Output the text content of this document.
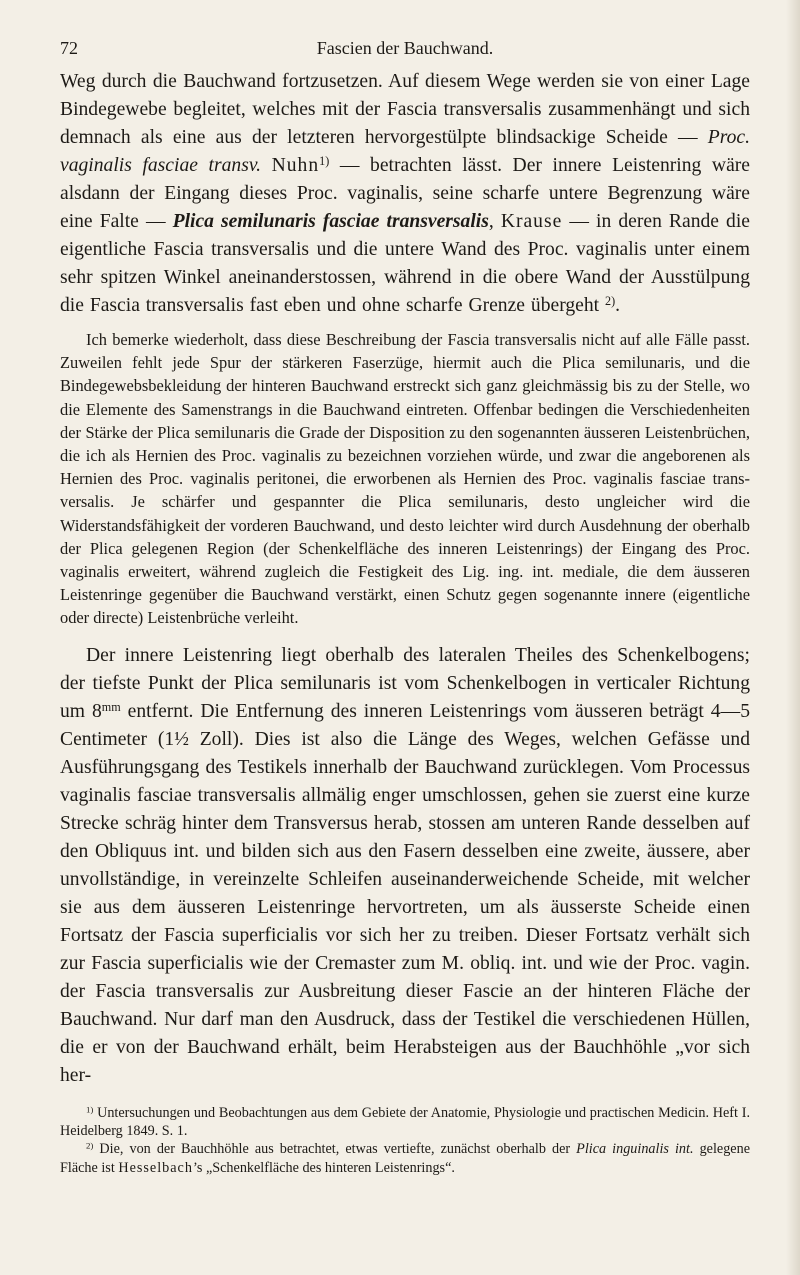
72	Fascien der Bauchwand.

Weg durch die Bauchwand fortzusetzen. Auf diesem Wege werden sie von einer Lage Bindegewebe begleitet, welches mit der Fascia transversalis zusammenhängt und sich demnach als eine aus der letzteren hervorgestülpte blindsackige Scheide — Proc. vaginalis fasciae transv. Nuhn$^{1)}$ — betrachten lässt. Der innere Leistenring wäre alsdann der Eingang dieses Proc. vaginalis, seine scharfe untere Begrenzung wäre eine Falte — Plica semilunaris fasciae transversalis, Krause — in deren Rande die eigentliche Fascia transversalis und die untere Wand des Proc. vaginalis unter einem sehr spitzen Winkel aneinanderstossen, während in die obere Wand der Ausstülpung die Fascia transversalis fast eben und ohne scharfe Grenze übergeht $^{2)}$.

Ich bemerke wiederholt, dass diese Beschreibung der Fascia transversalis nicht auf alle Fälle passt. Zuweilen fehlt jede Spur der stärkeren Faserzüge, hiermit auch die Plica semilunaris, und die Bindegewebsbekleidung der hinteren Bauchwand erstreckt sich ganz gleichmässig bis zu der Stelle, wo die Elemente des Samenstrangs in die Bauchwand eintreten. Offenbar bedingen die Verschiedenheiten der Stärke der Plica semilunaris die Grade der Disposition zu den sogenannten äusseren Leistenbrüchen, die ich als Hernien des Proc. vaginalis zu bezeichnen vorziehen würde, und zwar die angeborenen als Hernien des Proc. vaginalis peritonei, die erworbenen als Hernien des Proc. vaginalis fasciae transversalis. Je schärfer und gespannter die Plica semilunaris, desto ungleicher wird die Widerstandsfähigkeit der vorderen Bauchwand, und desto leichter wird durch Ausdehnung der oberhalb der Plica gelegenen Region (der Schenkelfläche des inneren Leistenrings) der Eingang des Proc. vaginalis erweitert, während zugleich die Festigkeit des Lig. ing. int. mediale, die dem äusseren Leistenringe gegenüber die Bauchwand verstärkt, einen Schutz gegen sogenannte innere (eigentliche oder directe) Leistenbrüche verleiht.

Der innere Leistenring liegt oberhalb des lateralen Theiles des Schenkelbogens; der tiefste Punkt der Plica semilunaris ist vom Schenkelbogen in verticaler Richtung um $8^{mm}$ entfernt. Die Entfernung des inneren Leistenrings vom äusseren beträgt 4—5 Centimeter (1½ Zoll). Dies ist also die Länge des Weges, welchen Gefässe und Ausführungsgang des Testikels innerhalb der Bauchwand zurücklegen. Vom Processus vaginalis fasciae transversalis allmälig enger umschlossen, gehen sie zuerst eine kurze Strecke schräg hinter dem Transversus herab, stossen am unteren Rande desselben auf den Obliquus int. und bilden sich aus den Fasern desselben eine zweite, äussere, aber unvollständige, in vereinzelte Schleifen auseinanderweichende Scheide, mit welcher sie aus dem äusseren Leistenringe hervortreten, um als äusserste Scheide einen Fortsatz der Fascia superficialis vor sich her zu treiben. Dieser Fortsatz verhält sich zur Fascia superficialis wie der Cremaster zum M. obliq. int. und wie der Proc. vagin. der Fascia transversalis zur Ausbreitung dieser Fascie an der hinteren Fläche der Bauchwand. Nur darf man den Ausdruck, dass der Testikel die verschiedenen Hüllen, die er von der Bauchwand erhält, beim Herabsteigen aus der Bauchhöhle „vor sich her-

$^{1)}$ Untersuchungen und Beobachtungen aus dem Gebiete der Anatomie, Physiologie und practischen Medicin. Heft I. Heidelberg 1849. S. 1.

$^{2)}$ Die, von der Bauchhöhle aus betrachtet, etwas vertiefte, zunächst oberhalb der Plica inguinalis int. gelegene Fläche ist Hesselbach’s „Schenkelfläche des hinteren Leistenrings“.
